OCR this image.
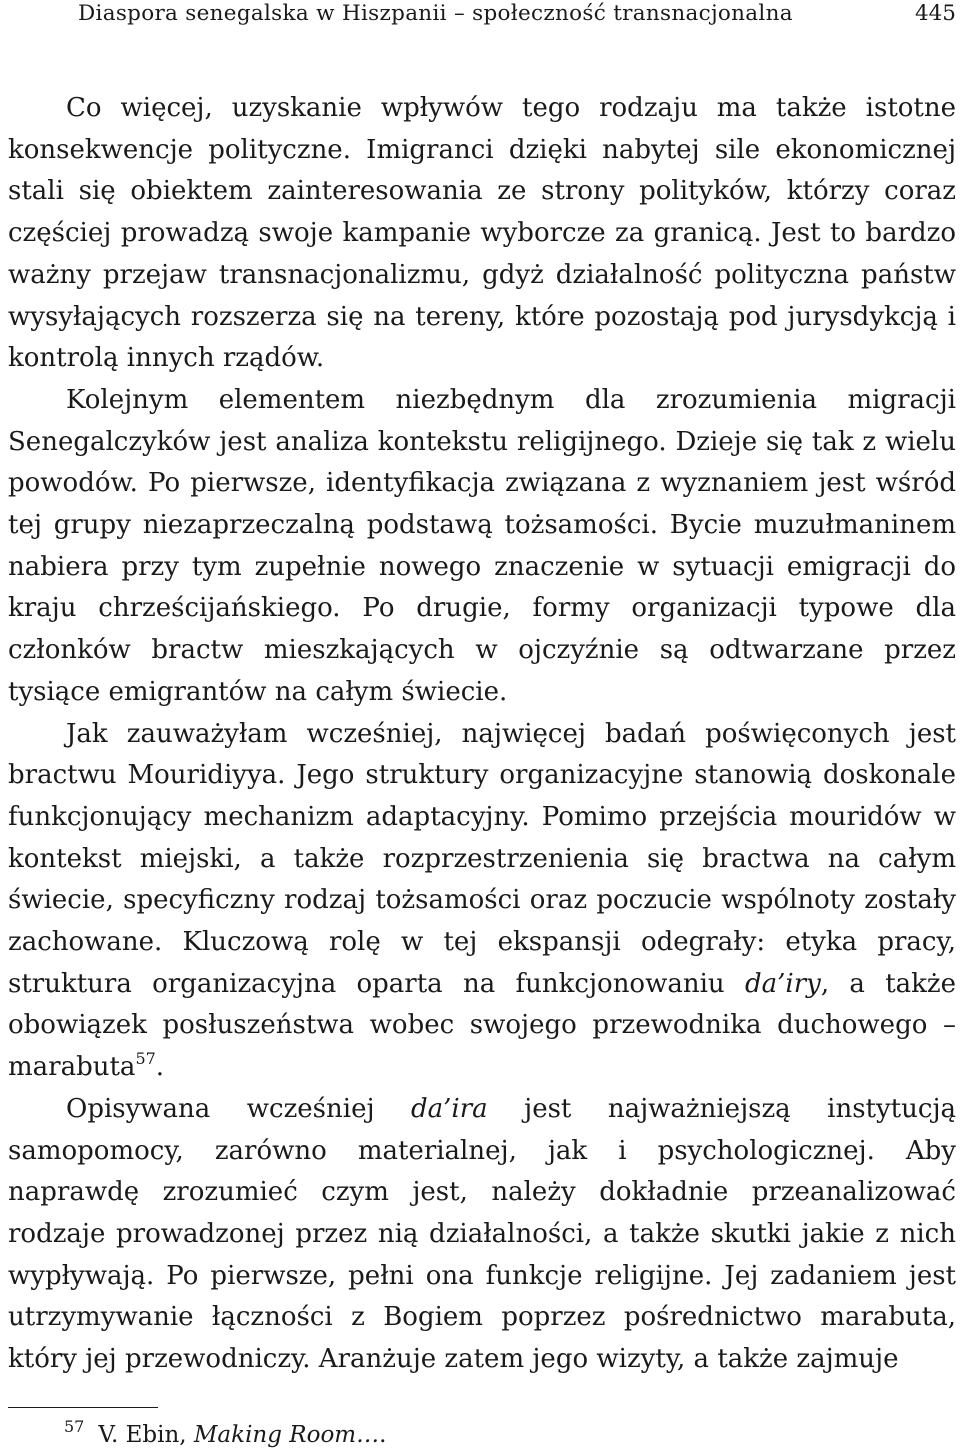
Diaspora senegalska w Hiszpanii – społeczność transnacjonalna	445

Co więcej, uzyskanie wpływów tego rodzaju ma także istotne konsekwencje polityczne. Imigranci dzięki nabytej sile ekonomicznej stali się obiektem zainteresowania ze strony polityków, którzy coraz częściej prowadzą swoje kampanie wyborcze za granicą. Jest to bardzo ważny przejaw transnacjonalizmu, gdyż działalność polityczna państw wysyłających rozszerza się na tereny, które pozostają pod jurysdykcją i kontrolą innych rządów.

Kolejnym elementem niezbędnym dla zrozumienia migracji Senegalczyków jest analiza kontekstu religijnego. Dzieje się tak z wielu powodów. Po pierwsze, identyfikacja związana z wyznaniem jest wśród tej grupy niezaprzeczalną podstawą tożsamości. Bycie muzułmaninem nabiera przy tym zupełnie nowego znaczenie w sytuacji emigracji do kraju chrześcijańskiego. Po drugie, formy organizacji typowe dla członków bractw mieszkających w ojczyźnie są odtwarzane przez tysiące emigrantów na całym świecie.

Jak zauważyłam wcześniej, najwięcej badań poświęconych jest bractwu Mouridiyya. Jego struktury organizacyjne stanowią doskonale funkcjonujący mechanizm adaptacyjny. Pomimo przejścia mouridów w kontekst miejski, a także rozprzestrzenienia się bractwa na całym świecie, specyficzny rodzaj tożsamości oraz poczucie wspólnoty zostały zachowane. Kluczową rolę w tej ekspansji odegrały: etyka pracy, struktura organizacyjna oparta na funkcjonowaniu da’iry, a także obowiązek posłuszeństwa wobec swojego przewodnika duchowego – marabuta$^{57}$.

Opisywana wcześniej da’ira jest najważniejszą instytucją samopomocy, zarówno materialnej, jak i psychologicznej. Aby naprawdę zrozumieć czym jest, należy dokładnie przeanalizować rodzaje prowadzonej przez nią działalności, a także skutki jakie z nich wypływają. Po pierwsze, pełni ona funkcje religijne. Jej zadaniem jest utrzymywanie łączności z Bogiem poprzez pośrednictwo marabuta, który jej przewodniczy. Aranżuje zatem jego wizyty, a także zajmuje

$^{57}$ V. Ebin, Making Room….
